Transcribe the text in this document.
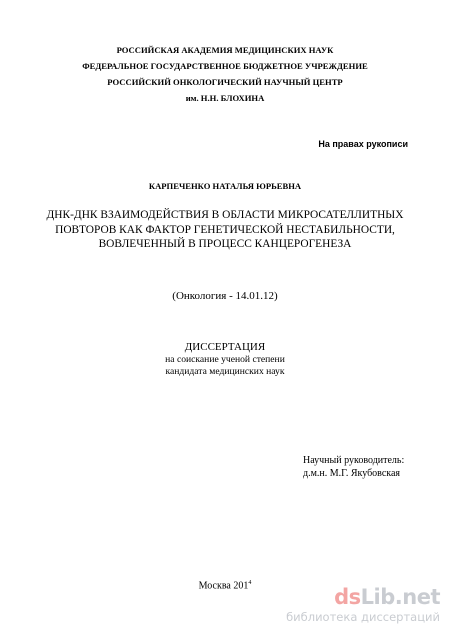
РОССИЙСКАЯ АКАДЕМИЯ МЕДИЦИНСКИХ НАУК
ФЕДЕРАЛЬНОЕ ГОСУДАРСТВЕННОЕ БЮДЖЕТНОЕ УЧРЕЖДЕНИЕ
РОССИЙСКИЙ ОНКОЛОГИЧЕСКИЙ НАУЧНЫЙ ЦЕНТР
им. Н.Н. БЛОХИНА
На правах рукописи
КАРПЕЧЕНКО НАТАЛЬЯ ЮРЬЕВНА
ДНК-ДНК ВЗАИМОДЕЙСТВИЯ В ОБЛАСТИ МИКРОСАТЕЛЛИТНЫХ
ПОВТОРОВ КАК ФАКТОР ГЕНЕТИЧЕСКОЙ НЕСТАБИЛЬНОСТИ,
ВОВЛЕЧЕННЫЙ В ПРОЦЕСС КАНЦЕРОГЕНЕЗА
(Онкология - 14.01.12)
ДИССЕРТАЦИЯ
на соискание ученой степени
кандидата медицинских наук
Научный руководитель:
д.м.н. М.Г. Якубовская
Москва $201^4$
dsLib.net
библиотека диссертаций
